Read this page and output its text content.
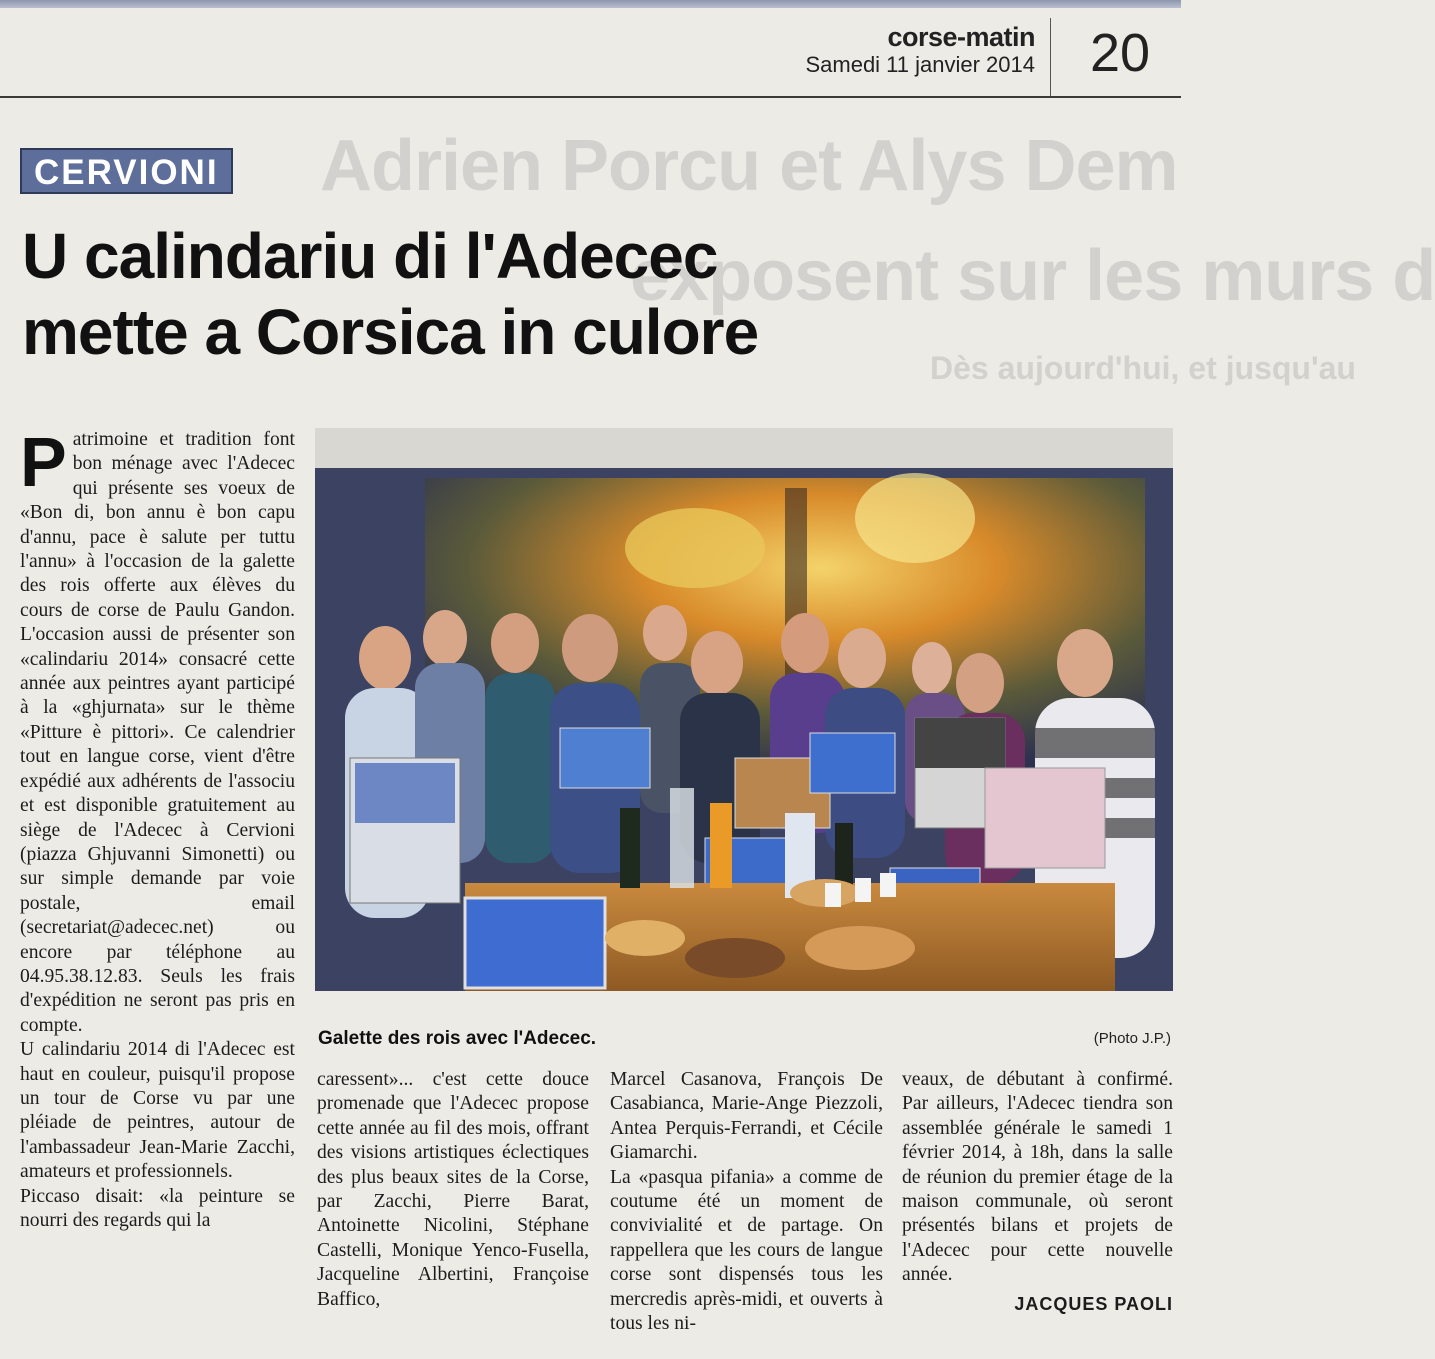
corse-matin
Samedi 11 janvier 2014 20
Adrien Porcu et Alys Dem
exposent sur les murs d
Dès aujourd'hui, et jusqu'au
CERVIONI
U calindariu di l'Adecec
mette a Corsica in culore

Patrimoine et tradition font bon ménage avec l'Adecec qui présente ses voeux de «Bon di, bon annu è bon capu d'annu, pace è salute per tuttu l'annu» à l'occasion de la galette des rois offerte aux élèves du cours de corse de Paulu Gandon. L'occasion aussi de présenter son «calindariu 2014» consacré cette année aux peintres ayant participé à la «ghjurnata» sur le thème «Pitture è pittori». Ce calendrier tout en langue corse, vient d'être expédié aux adhérents de l'associu et est disponible gratuitement au siège de l'Adecec à Cervioni (piazza Ghjuvanni Simonetti) ou sur simple demande par voie postale, email (secretariat@adecec.net) ou encore par téléphone au 04.95.38.12.83. Seuls les frais d'expédition ne seront pas pris en compte.

U calindariu 2014 di l'Adecec est haut en couleur, puisqu'il propose un tour de Corse vu par une pléiade de peintres, autour de l'ambassadeur Jean-Marie Zacchi, amateurs et professionnels.

Piccaso disait: «la peinture se nourri des regards qui la

Galette des rois avec l'Adecec.	(Photo J.P.)

caressent»... c'est cette douce promenade que l'Adecec propose cette année au fil des mois, offrant des visions artistiques éclectiques des plus beaux sites de la Corse, par Zacchi, Pierre Barat, Antoinette Nicolini, Stéphane Castelli, Monique Yenco-Fusella, Jacqueline Albertini, Françoise Baffico,

Marcel Casanova, François De Casabianca, Marie-Ange Piezzoli, Antea Perquis-Ferrandi, et Cécile Giamarchi.

La «pasqua pifania» a comme de coutume été un moment de convivialité et de partage. On rappellera que les cours de langue corse sont dispensés tous les mercredis après-midi, et ouverts à tous les ni-

veaux, de débutant à confirmé. Par ailleurs, l'Adecec tiendra son assemblée générale le samedi 1 février 2014, à 18h, dans la salle de réunion du premier étage de la maison communale, où seront présentés bilans et projets de l'Adecec pour cette nouvelle année.

JACQUES PAOLI
